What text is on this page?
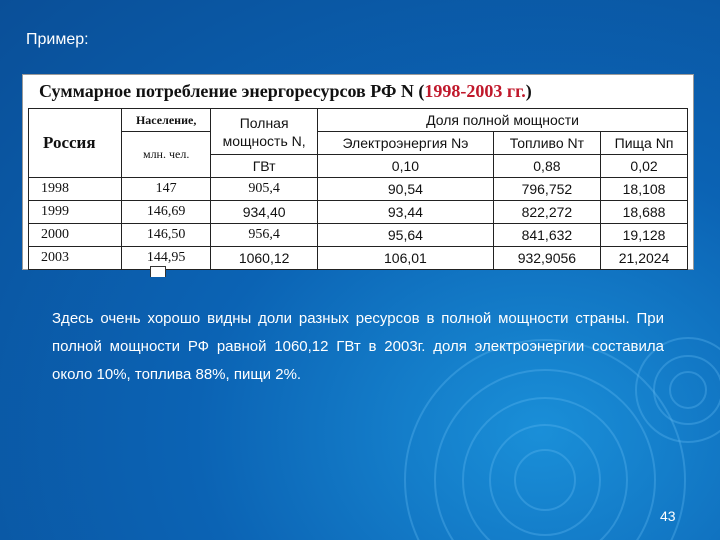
Пример:
Суммарное потребление энергоресурсов РФ N (1998-2003 гг.)
Россия	Население,	Полная мощность N,	Доля полной мощности		
	млн. чел.		Электроэнергия Nэ	Топливо Nт	Пища Nп
		ГВт	0,10	0,88	0,02
1998	147	905,4	90,54	796,752	18,108
1999	146,69	934,40	93,44	822,272	18,688
2000	146,50	956,4	95,64	841,632	19,128
2003	144,95	1060,12	106,01	932,9056	21,2024
Здесь очень хорошо видны доли разных ресурсов в полной мощности страны. При полной мощности РФ равной 1060,12 ГВт в 2003г. доля электроэнергии составила около 10%, топлива 88%, пищи 2%.
43
